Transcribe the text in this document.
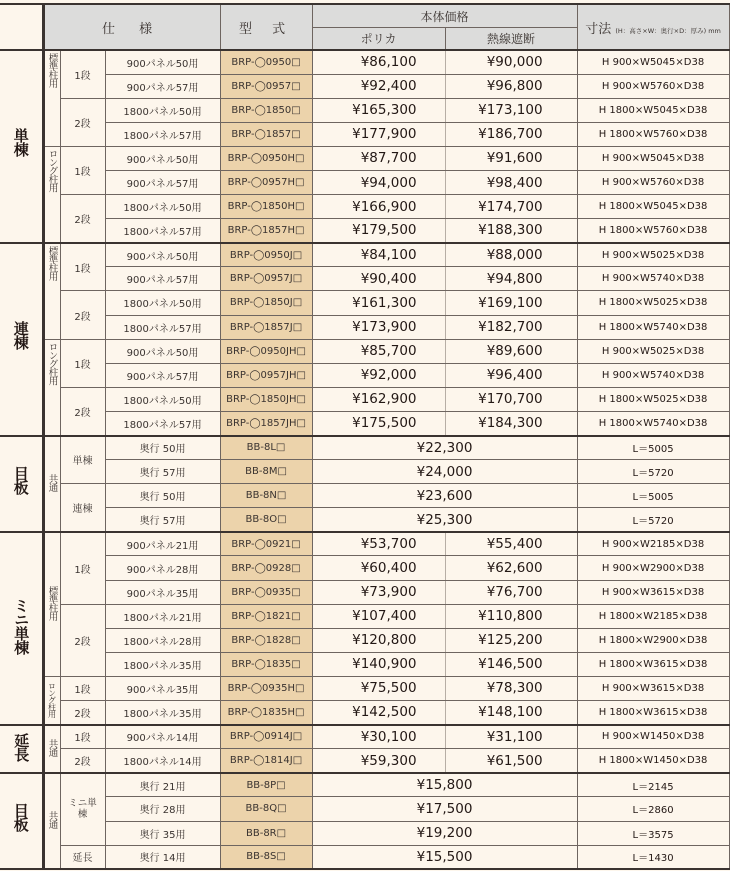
	仕 様			型 式	本体価格		寸法 (H：高さ×W：奥行×D：厚み) mm
					ポリカ	熱線遮断	
単棟	標準柱用	1段	900パネル50用	BRP-◯0950□	¥86,100	¥90,000	H 900×W5045×D38
			900パネル57用	BRP-◯0957□	¥92,400	¥96,800	H 900×W5760×D38
		2段	1800パネル50用	BRP-◯1850□	¥165,300	¥173,100	H 1800×W5045×D38
			1800パネル57用	BRP-◯1857□	¥177,900	¥186,700	H 1800×W5760×D38
	ロング柱用	1段	900パネル50用	BRP-◯0950H□	¥87,700	¥91,600	H 900×W5045×D38
			900パネル57用	BRP-◯0957H□	¥94,000	¥98,400	H 900×W5760×D38
		2段	1800パネル50用	BRP-◯1850H□	¥166,900	¥174,700	H 1800×W5045×D38
			1800パネル57用	BRP-◯1857H□	¥179,500	¥188,300	H 1800×W5760×D38
連棟	標準柱用	1段	900パネル50用	BRP-◯0950J□	¥84,100	¥88,000	H 900×W5025×D38
			900パネル57用	BRP-◯0957J□	¥90,400	¥94,800	H 900×W5740×D38
		2段	1800パネル50用	BRP-◯1850J□	¥161,300	¥169,100	H 1800×W5025×D38
			1800パネル57用	BRP-◯1857J□	¥173,900	¥182,700	H 1800×W5740×D38
	ロング柱用	1段	900パネル50用	BRP-◯0950JH□	¥85,700	¥89,600	H 900×W5025×D38
			900パネル57用	BRP-◯0957JH□	¥92,000	¥96,400	H 900×W5740×D38
		2段	1800パネル50用	BRP-◯1850JH□	¥162,900	¥170,700	H 1800×W5025×D38
			1800パネル57用	BRP-◯1857JH□	¥175,500	¥184,300	H 1800×W5740×D38
目板	共通	単棟	奥行 50用	BB-8L□	¥22,300		L＝5005
			奥行 57用	BB-8M□	¥24,000		L＝5720
		連棟	奥行 50用	BB-8N□	¥23,600		L＝5005
			奥行 57用	BB-8O□	¥25,300		L＝5720
ミニ単棟	標準柱用	1段	900パネル21用	BRP-◯0921□	¥53,700	¥55,400	H 900×W2185×D38
			900パネル28用	BRP-◯0928□	¥60,400	¥62,600	H 900×W2900×D38
			900パネル35用	BRP-◯0935□	¥73,900	¥76,700	H 900×W3615×D38
		2段	1800パネル21用	BRP-◯1821□	¥107,400	¥110,800	H 1800×W2185×D38
			1800パネル28用	BRP-◯1828□	¥120,800	¥125,200	H 1800×W2900×D38
			1800パネル35用	BRP-◯1835□	¥140,900	¥146,500	H 1800×W3615×D38
	ロング柱用	1段	900パネル35用	BRP-◯0935H□	¥75,500	¥78,300	H 900×W3615×D38
		2段	1800パネル35用	BRP-◯1835H□	¥142,500	¥148,100	H 1800×W3615×D38
延長	共通	1段	900パネル14用	BRP-◯0914J□	¥30,100	¥31,100	H 900×W1450×D38
		2段	1800パネル14用	BRP-◯1814J□	¥59,300	¥61,500	H 1800×W1450×D38
目板	共通	ミニ単棟	奥行 21用	BB-8P□	¥15,800		L＝2145
			奥行 28用	BB-8Q□	¥17,500		L＝2860
			奥行 35用	BB-8R□	¥19,200		L＝3575
		延長	奥行 14用	BB-8S□	¥15,500		L＝1430
